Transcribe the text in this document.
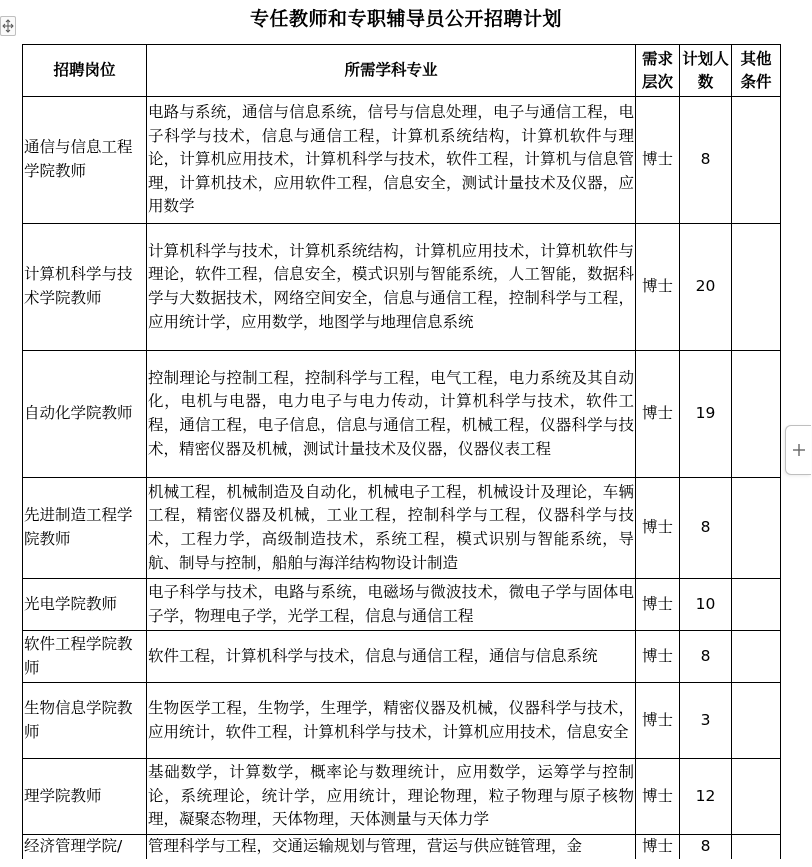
专任教师和专职辅导员公开招聘计划
招聘岗位	所需学科专业	需求层次	计划人数	其他条件
通信与信息工程学院教师	电路与系统，通信与信息系统，信号与信息处理，电子与通信工程，电子科学与技术，信息与通信工程，计算机系统结构，计算机软件与理论，计算机应用技术，计算机科学与技术，软件工程，计算机与信息管理，计算机技术，应用软件工程，信息安全，测试计量技术及仪器，应用数学	博士	8	
计算机科学与技术学院教师	计算机科学与技术，计算机系统结构，计算机应用技术，计算机软件与理论，软件工程，信息安全，模式识别与智能系统，人工智能，数据科学与大数据技术，网络空间安全，信息与通信工程，控制科学与工程，应用统计学，应用数学，地图学与地理信息系统	博士	20	
自动化学院教师	控制理论与控制工程，控制科学与工程，电气工程，电力系统及其自动化，电机与电器，电力电子与电力传动，计算机科学与技术，软件工程，通信工程，电子信息，信息与通信工程，机械工程，仪器科学与技术，精密仪器及机械，测试计量技术及仪器，仪器仪表工程	博士	19	
先进制造工程学院教师	机械工程，机械制造及自动化，机械电子工程，机械设计及理论，车辆工程，精密仪器及机械，工业工程，控制科学与工程，仪器科学与技术，工程力学，高级制造技术，系统工程，模式识别与智能系统，导航、制导与控制，船舶与海洋结构物设计制造	博士	8	
光电学院教师	电子科学与技术，电路与系统，电磁场与微波技术，微电子学与固体电子学，物理电子学，光学工程，信息与通信工程	博士	10	
软件工程学院教师	软件工程，计算机科学与技术，信息与通信工程，通信与信息系统	博士	8	
生物信息学院教师	生物医学工程，生物学，生理学，精密仪器及机械，仪器科学与技术，应用统计，软件工程，计算机科学与技术，计算机应用技术，信息安全	博士	3	
理学院教师	基础数学，计算数学，概率论与数理统计，应用数学，运筹学与控制论，系统理论，统计学，应用统计，理论物理，粒子物理与原子核物理，凝聚态物理，天体物理，天体测量与天体力学	博士	12	
经济管理学院/	管理科学与工程，交通运输规划与管理，营运与供应链管理，金	博士	8	
